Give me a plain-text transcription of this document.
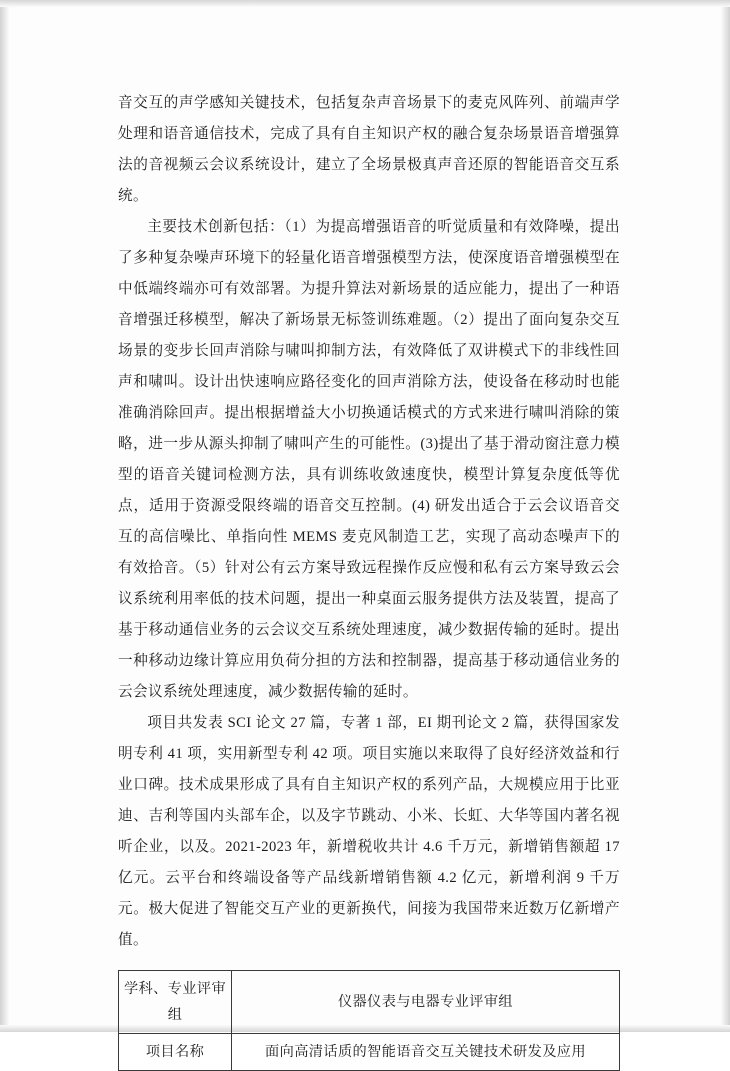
音交互的声学感知关键技术，包括复杂声音场景下的麦克风阵列、前端声学处理和语音通信技术，完成了具有自主知识产权的融合复杂场景语音增强算法的音视频云会议系统设计，建立了全场景极真声音还原的智能语音交互系统。

主要技术创新包括：（1）为提高增强语音的听觉质量和有效降噪，提出了多种复杂噪声环境下的轻量化语音增强模型方法，使深度语音增强模型在中低端终端亦可有效部署。为提升算法对新场景的适应能力，提出了一种语音增强迁移模型，解决了新场景无标签训练难题。（2）提出了面向复杂交互场景的变步长回声消除与啸叫抑制方法，有效降低了双讲模式下的非线性回声和啸叫。设计出快速响应路径变化的回声消除方法，使设备在移动时也能准确消除回声。提出根据增益大小切换通话模式的方式来进行啸叫消除的策略，进一步从源头抑制了啸叫产生的可能性。(3)提出了基于滑动窗注意力模型的语音关键词检测方法，具有训练收敛速度快，模型计算复杂度低等优点，适用于资源受限终端的语音交互控制。(4) 研发出适合于云会议语音交互的高信噪比、单指向性 MEMS 麦克风制造工艺，实现了高动态噪声下的有效拾音。（5）针对公有云方案导致远程操作反应慢和私有云方案导致云会议系统利用率低的技术问题，提出一种桌面云服务提供方法及装置，提高了基于移动通信业务的云会议交互系统处理速度，减少数据传输的延时。提出一种移动边缘计算应用负荷分担的方法和控制器，提高基于移动通信业务的云会议系统处理速度，减少数据传输的延时。

项目共发表 SCI 论文 27 篇，专著 1 部，EI 期刊论文 2 篇，获得国家发明专利 41 项，实用新型专利 42 项。项目实施以来取得了良好经济效益和行业口碑。技术成果形成了具有自主知识产权的系列产品，大规模应用于比亚迪、吉利等国内头部车企，以及字节跳动、小米、长虹、大华等国内著名视听企业，以及。2021-2023 年，新增税收共计 4.6 千万元，新增销售额超 17 亿元。云平台和终端设备等产品线新增销售额 4.2 亿元，新增利润 9 千万元。极大促进了智能交互产业的更新换代，间接为我国带来近数万亿新增产值。

学科、专业评审组	仪器仪表与电器专业评审组
项目名称	面向高清话质的智能语音交互关键技术研发及应用
